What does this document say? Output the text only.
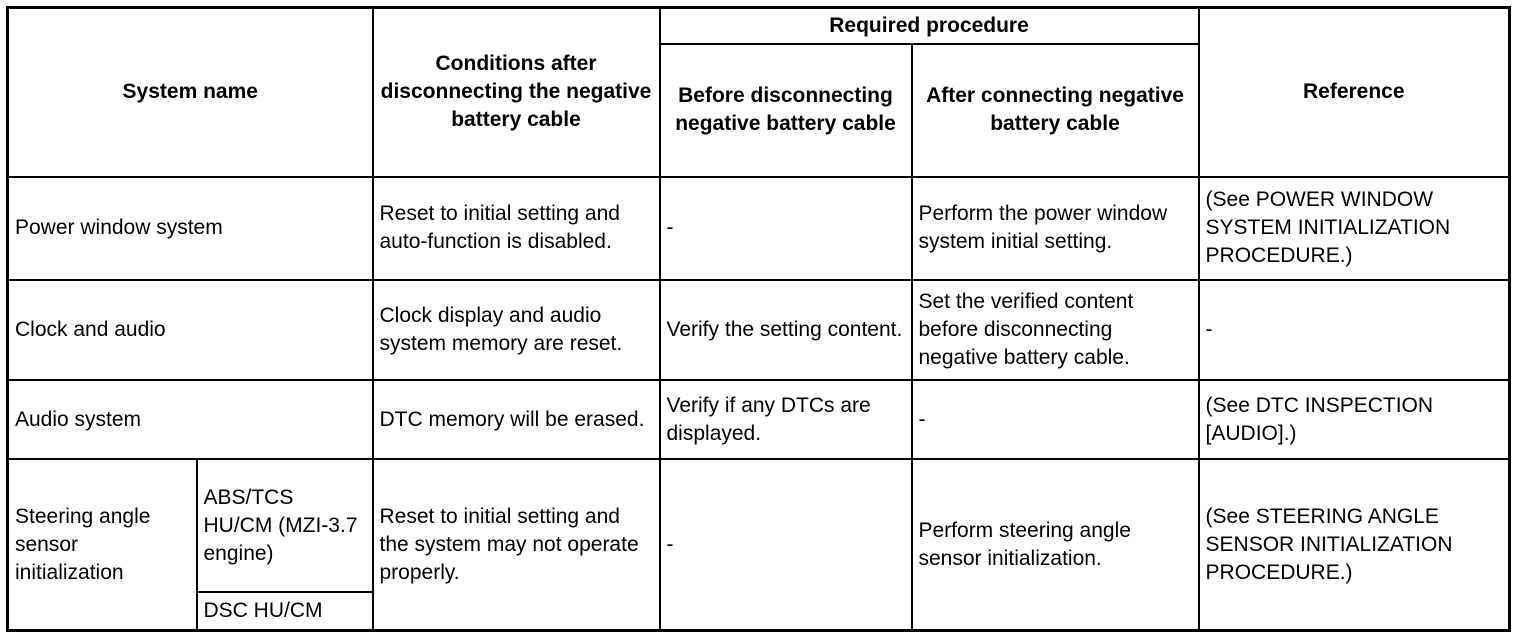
System name		Conditions after disconnecting the negative battery cable	Required procedure		Reference
			Before disconnecting negative battery cable	After connecting negative battery cable	
Power window system		Reset to initial setting and auto-function is disabled.	-	Perform the power window system initial setting.	(See POWER WINDOW SYSTEM INITIALIZATION PROCEDURE.)
Clock and audio		Clock display and audio system memory are reset.	Verify the setting content.	Set the verified content before disconnecting negative battery cable.	-
Audio system		DTC memory will be erased.	Verify if any DTCs are displayed.	-	(See DTC INSPECTION [AUDIO].)
Steering angle sensor initialization	ABS/TCS HU/CM (MZI-3.7 engine)	Reset to initial setting and the system may not operate properly.	-	Perform steering angle sensor initialization.	(See STEERING ANGLE SENSOR INITIALIZATION PROCEDURE.)
	DSC HU/CM				
